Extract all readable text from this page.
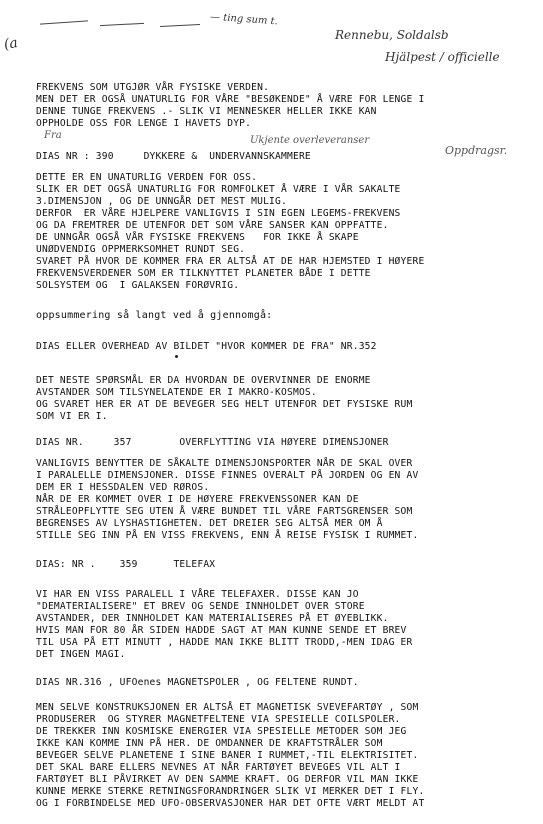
(a
— ting sum t.
Rennebu, Soldalsb
Hjälpest / officielle
Fra	Ukjente overleveranser
Oppdragsr.
FREKVENS SOM UTGJØR VÅR FYSISKE VERDEN.
MEN DET ER OGSÅ UNATURLIG FOR VÅRE "BESØKENDE" Å VÆRE FOR LENGE I
DENNE TUNGE FREKVENS .- SLIK VI MENNESKER HELLER IKKE KAN
OPPHOLDE OSS FOR LENGE I HAVETS DYP.
DIAS NR : 390     DYKKERE &  UNDERVANNSKAMMERE
DETTE ER EN UNATURLIG VERDEN FOR OSS.
SLIK ER DET OGSÅ UNATURLIG FOR ROMFOLKET Å VÆRE I VÅR SAKALTE
3.DIMENSJON , OG DE UNNGÅR DET MEST MULIG.
DERFOR  ER VÅRE HJELPERE VANLIGVIS I SIN EGEN LEGEMS-FREKVENS
OG DA FREMTRER DE UTENFOR DET SOM VÅRE SANSER KAN OPPFATTE.
DE UNNGÅR OGSÅ VÅR FYSISKE FREKVENS   FOR IKKE Å SKAPE
UNØDVENDIG OPPMERKSOMHET RUNDT SEG.
SVARET PÅ HVOR DE KOMMER FRA ER ALTSÅ AT DE HAR HJEMSTED I HØYERE
FREKVENSVERDENER SOM ER TILKNYTTET PLANETER BÅDE I DETTE
SOLSYSTEM OG  I GALAKSEN FORØVRIG.
oppsummering så langt ved å gjennomgå:
DIAS ELLER OVERHEAD AV BILDET "HVOR KOMMER DE FRA" NR.352
DET NESTE SPØRSMÅL ER DA HVORDAN DE OVERVINNER DE ENORME
AVSTANDER SOM TILSYNELATENDE ER I MAKRO-KOSMOS.
OG SVARET HER ER AT DE BEVEGER SEG HELT UTENFOR DET FYSISKE RUM
SOM VI ER I.
DIAS NR.     357        OVERFLYTTING VIA HØYERE DIMENSJONER
VANLIGVIS BENYTTER DE SÅKALTE DIMENSJONSPORTER NÅR DE SKAL OVER
I PARALELLE DIMENSJONER. DISSE FINNES OVERALT PÅ JORDEN OG EN AV
DEM ER I HESSDALEN VED RØROS.
NÅR DE ER KOMMET OVER I DE HØYERE FREKVENSSONER KAN DE
STRÅLEOPFLYTTE SEG UTEN Å VÆRE BUNDET TIL VÅRE FARTSGRENSER SOM
BEGRENSES AV LYSHASTIGHETEN. DET DREIER SEG ALTSÅ MER OM Å
STILLE SEG INN PÅ EN VISS FREKVENS, ENN Å REISE FYSISK I RUMMET.
DIAS: NR .    359      TELEFAX
VI HAR EN VISS PARALELL I VÅRE TELEFAXER. DISSE KAN JO
"DEMATERIALISERE" ET BREV OG SENDE INNHOLDET OVER STORE
AVSTANDER, DER INNHOLDET KAN MATERIALISERES PÅ ET ØYEBLIKK.
HVIS MAN FOR 80 ÅR SIDEN HADDE SAGT AT MAN KUNNE SENDE ET BREV
TIL USA PÅ ETT MINUTT , HADDE MAN IKKE BLITT TRODD,-MEN IDAG ER
DET INGEN MAGI.
DIAS NR.316 , UFOenes MAGNETSPOLER , OG FELTENE RUNDT.
MEN SELVE KONSTRUKSJONEN ER ALTSÅ ET MAGNETISK SVEVEFARTØY , SOM
PRODUSERER  OG STYRER MAGNETFELTENE VIA SPESIELLE COILSPOLER.
DE TREKKER INN KOSMISKE ENERGIER VIA SPESIELLE METODER SOM JEG
IKKE KAN KOMME INN PÅ HER. DE OMDANNER DE KRAFTSTRÅLER SOM
BEVEGER SELVE PLANETENE I SINE BANER I RUMMET,-TIL ELEKTRISITET.
DET SKAL BARE ELLERS NEVNES AT NÅR FARTØYET BEVEGES VIL ALT I
FARTØYET BLI PÅVIRKET AV DEN SAMME KRAFT. OG DERFOR VIL MAN IKKE
KUNNE MERKE STERKE RETNINGSFORANDRINGER SLIK VI MERKER DET I FLY.
OG I FORBINDELSE MED UFO-OBSERVASJONER HAR DET OFTE VÆRT MELDT AT
